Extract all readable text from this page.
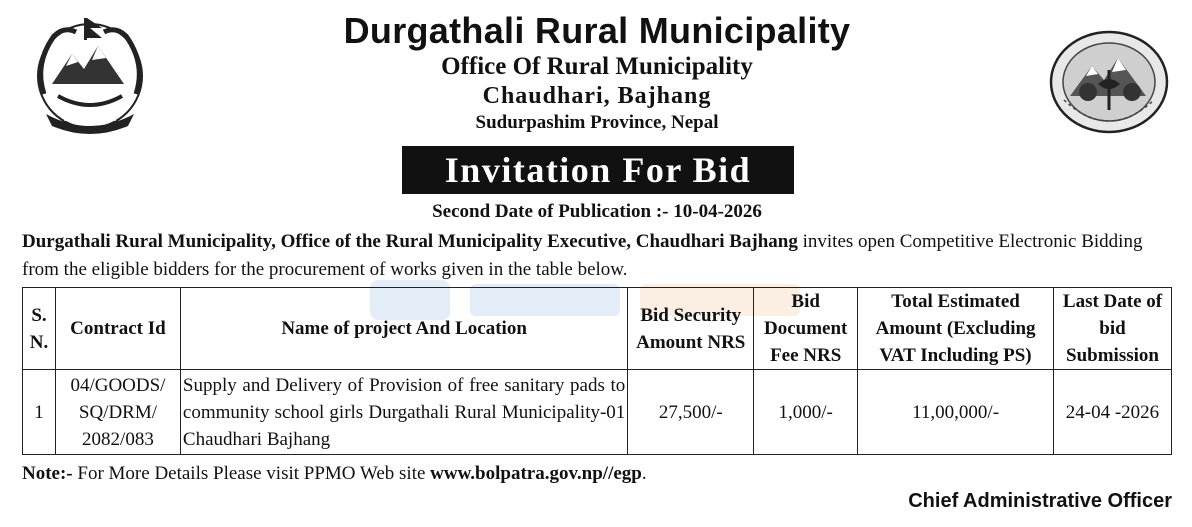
Durgathali Rural Municipality
Office Of Rural Municipality
Chaudhari, Bajhang
Sudurpashim Province, Nepal
Invitation For Bid
Second Date of Publication :- 10-04-2026
Durgathali Rural Municipality, Office of the Rural Municipality Executive, Chaudhari Bajhang invites open Competitive Electronic Bidding from the eligible bidders for the procurement of works given in the table below.
S. N.	Contract Id	Name of project And Location	Bid Security Amount NRS	Bid Document Fee NRS	Total Estimated Amount (Excluding VAT Including PS)	Last Date of bid Submission
1	04/GOODS/ SQ/DRM/ 2082/083	Supply and Delivery of Provision of free sanitary pads to community school girls Durgathali Rural Municipality-01 Chaudhari Bajhang	27,500/-	1,000/-	11,00,000/-	24-04 -2026
Note:- For More Details Please visit PPMO Web site www.bolpatra.gov.np//egp.
Chief Administrative Officer
